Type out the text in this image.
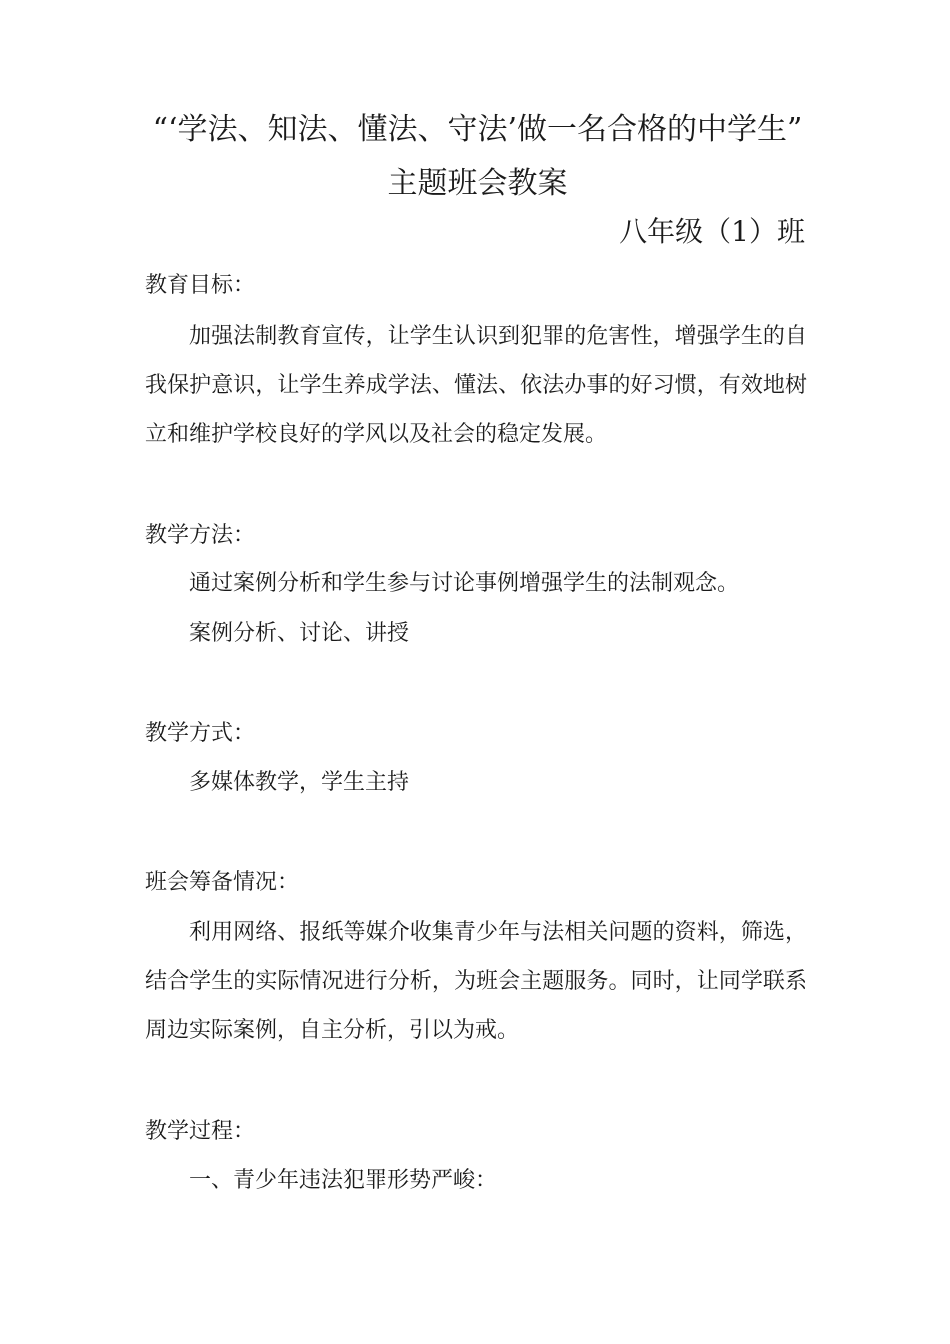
“‘学法、知法、懂法、守法’做一名合格的中学生”
主题班会教案
八年级（1）班
教育目标：
加强法制教育宣传，让学生认识到犯罪的危害性，增强学生的自我保护意识，让学生养成学法、懂法、依法办事的好习惯，有效地树立和维护学校良好的学风以及社会的稳定发展。
教学方法：
通过案例分析和学生参与讨论事例增强学生的法制观念。
案例分析、讨论、讲授
教学方式：
多媒体教学，学生主持
班会筹备情况：
利用网络、报纸等媒介收集青少年与法相关问题的资料，筛选，结合学生的实际情况进行分析，为班会主题服务。同时，让同学联系周边实际案例，自主分析，引以为戒。
教学过程：
一、青少年违法犯罪形势严峻：
